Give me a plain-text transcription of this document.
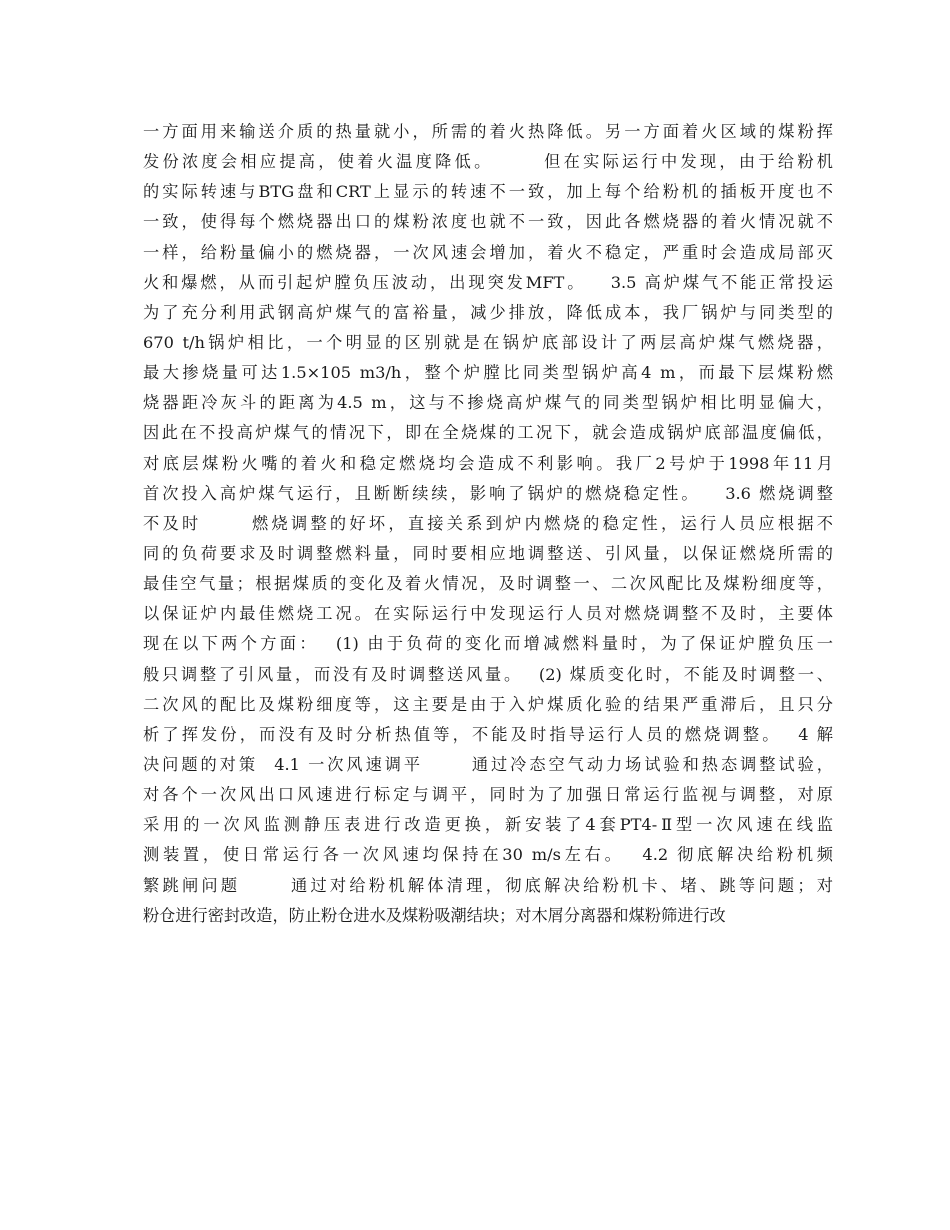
一方面用来输送介质的热量就小，所需的着火热降低。另一方面着火区域的煤粉挥
发份浓度会相应提高，使着火温度降低。      但在实际运行中发现，由于给粉机
的实际转速与BTG盘和CRT上显示的转速不一致，加上每个给粉机的插板开度也不
一致，使得每个燃烧器出口的煤粉浓度也就不一致，因此各燃烧器的着火情况就不
一样，给粉量偏小的燃烧器，一次风速会增加，着火不稳定，严重时会造成局部灭
火和爆燃，从而引起炉膛负压波动，出现突发MFT。   3.5 高炉煤气不能正常投运
为了充分利用武钢高炉煤气的富裕量，减少排放，降低成本，我厂锅炉与同类型的
670 t/h锅炉相比，一个明显的区别就是在锅炉底部设计了两层高炉煤气燃烧器，
最大掺烧量可达1.5×105 m3/h，整个炉膛比同类型锅炉高4 m，而最下层煤粉燃
烧器距冷灰斗的距离为4.5 m，这与不掺烧高炉煤气的同类型锅炉相比明显偏大，
因此在不投高炉煤气的情况下，即在全烧煤的工况下，就会造成锅炉底部温度偏低，
对底层煤粉火嘴的着火和稳定燃烧均会造成不利影响。我厂2号炉于1998年11月
首次投入高炉煤气运行，且断断续续，影响了锅炉的燃烧稳定性。   3.6 燃烧调整
不及时      燃烧调整的好坏，直接关系到炉内燃烧的稳定性，运行人员应根据不
同的负荷要求及时调整燃料量，同时要相应地调整送、引风量，以保证燃烧所需的
最佳空气量；根据煤质的变化及着火情况，及时调整一、二次风配比及煤粉细度等，
以保证炉内最佳燃烧工况。在实际运行中发现运行人员对燃烧调整不及时，主要体
现在以下两个方面：  (1) 由于负荷的变化而增减燃料量时，为了保证炉膛负压一
般只调整了引风量，而没有及时调整送风量。  (2) 煤质变化时，不能及时调整一、
二次风的配比及煤粉细度等，这主要是由于入炉煤质化验的结果严重滞后，且只分
析了挥发份，而没有及时分析热值等，不能及时指导运行人员的燃烧调整。  4 解
决问题的对策  4.1 一次风速调平      通过冷态空气动力场试验和热态调整试验，
对各个一次风出口风速进行标定与调平，同时为了加强日常运行监视与调整，对原
采用的一次风监测静压表进行改造更换，新安装了4套PT4-Ⅱ型一次风速在线监
测装置，使日常运行各一次风速均保持在30 m/s左右。  4.2 彻底解决给粉机频
繁跳闸问题      通过对给粉机解体清理，彻底解决给粉机卡、堵、跳等问题；对
粉仓进行密封改造，防止粉仓进水及煤粉吸潮结块；对木屑分离器和煤粉筛进行改
